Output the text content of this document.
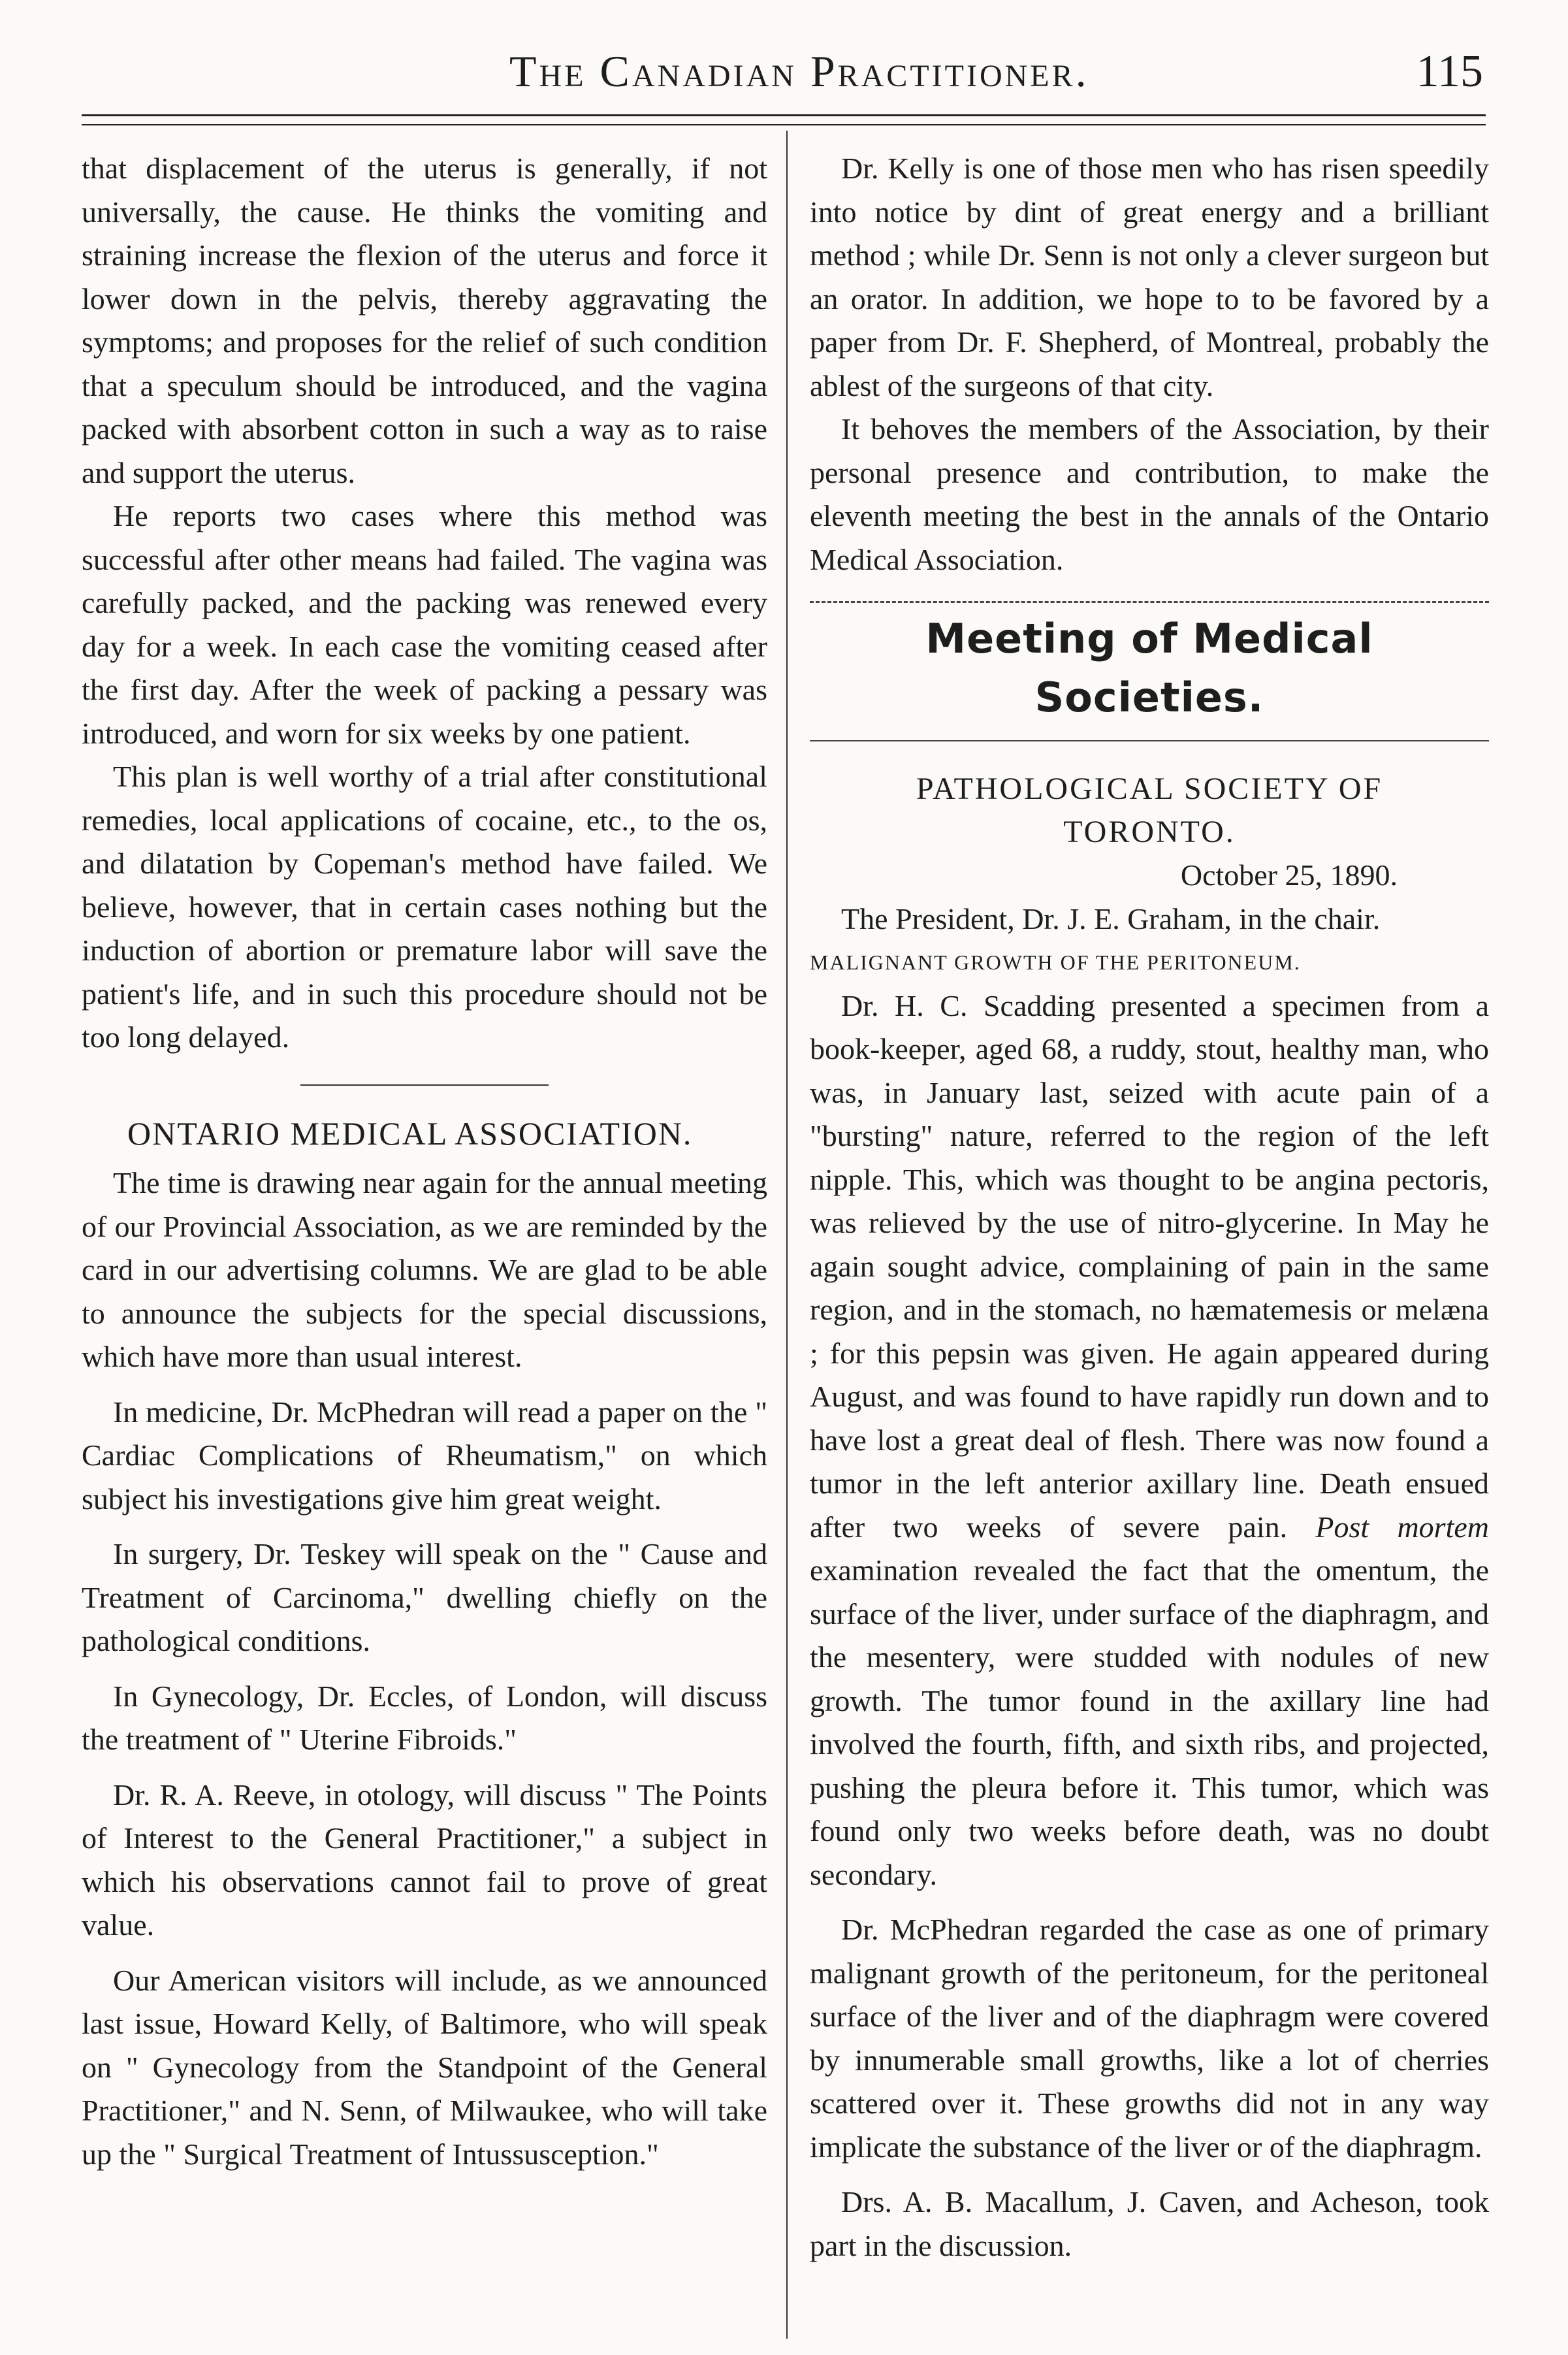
The Canadian Practitioner.	115

that displacement of the uterus is generally, if not universally, the cause. He thinks the vomiting and straining increase the flexion of the uterus and force it lower down in the pelvis, thereby aggravating the symptoms; and proposes for the relief of such condition that a speculum should be introduced, and the vagina packed with absorbent cotton in such a way as to raise and support the uterus.

He reports two cases where this method was successful after other means had failed. The vagina was carefully packed, and the packing was renewed every day for a week. In each case the vomiting ceased after the first day. After the week of packing a pessary was introduced, and worn for six weeks by one patient.

This plan is well worthy of a trial after constitutional remedies, local applications of cocaine, etc., to the os, and dilatation by Copeman's method have failed. We believe, however, that in certain cases nothing but the induction of abortion or premature labor will save the patient's life, and in such this procedure should not be too long delayed.

ONTARIO MEDICAL ASSOCIATION.

The time is drawing near again for the annual meeting of our Provincial Association, as we are reminded by the card in our advertising columns. We are glad to be able to announce the subjects for the special discussions, which have more than usual interest.

In medicine, Dr. McPhedran will read a paper on the " Cardiac Complications of Rheumatism," on which subject his investigations give him great weight.

In surgery, Dr. Teskey will speak on the " Cause and Treatment of Carcinoma," dwelling chiefly on the pathological conditions.

In Gynecology, Dr. Eccles, of London, will discuss the treatment of " Uterine Fibroids."

Dr. R. A. Reeve, in otology, will discuss " The Points of Interest to the General Practitioner," a subject in which his observations cannot fail to prove of great value.

Our American visitors will include, as we announced last issue, Howard Kelly, of Baltimore, who will speak on " Gynecology from the Standpoint of the General Practitioner," and N. Senn, of Milwaukee, who will take up the " Surgical Treatment of Intussusception."

Dr. Kelly is one of those men who has risen speedily into notice by dint of great energy and a brilliant method ; while Dr. Senn is not only a clever surgeon but an orator. In addition, we hope to to be favored by a paper from Dr. F. Shepherd, of Montreal, probably the ablest of the surgeons of that city.

It behoves the members of the Association, by their personal presence and contribution, to make the eleventh meeting the best in the annals of the Ontario Medical Association.

Meeting of Medical Societies.
PATHOLOGICAL SOCIETY OF
TORONTO.
October 25, 1890.

The President, Dr. J. E. Graham, in the chair.

MALIGNANT GROWTH OF THE PERITONEUM.

Dr. H. C. Scadding presented a specimen from a book-keeper, aged 68, a ruddy, stout, healthy man, who was, in January last, seized with acute pain of a "bursting" nature, referred to the region of the left nipple. This, which was thought to be angina pectoris, was relieved by the use of nitro-glycerine. In May he again sought advice, complaining of pain in the same region, and in the stomach, no hæmatemesis or melæna ; for this pepsin was given. He again appeared during August, and was found to have rapidly run down and to have lost a great deal of flesh. There was now found a tumor in the left anterior axillary line. Death ensued after two weeks of severe pain. Post mortem examination revealed the fact that the omentum, the surface of the liver, under surface of the diaphragm, and the mesentery, were studded with nodules of new growth. The tumor found in the axillary line had involved the fourth, fifth, and sixth ribs, and projected, pushing the pleura before it. This tumor, which was found only two weeks before death, was no doubt secondary.

Dr. McPhedran regarded the case as one of primary malignant growth of the peritoneum, for the peritoneal surface of the liver and of the diaphragm were covered by innumerable small growths, like a lot of cherries scattered over it. These growths did not in any way implicate the substance of the liver or of the diaphragm.

Drs. A. B. Macallum, J. Caven, and Acheson, took part in the discussion.
